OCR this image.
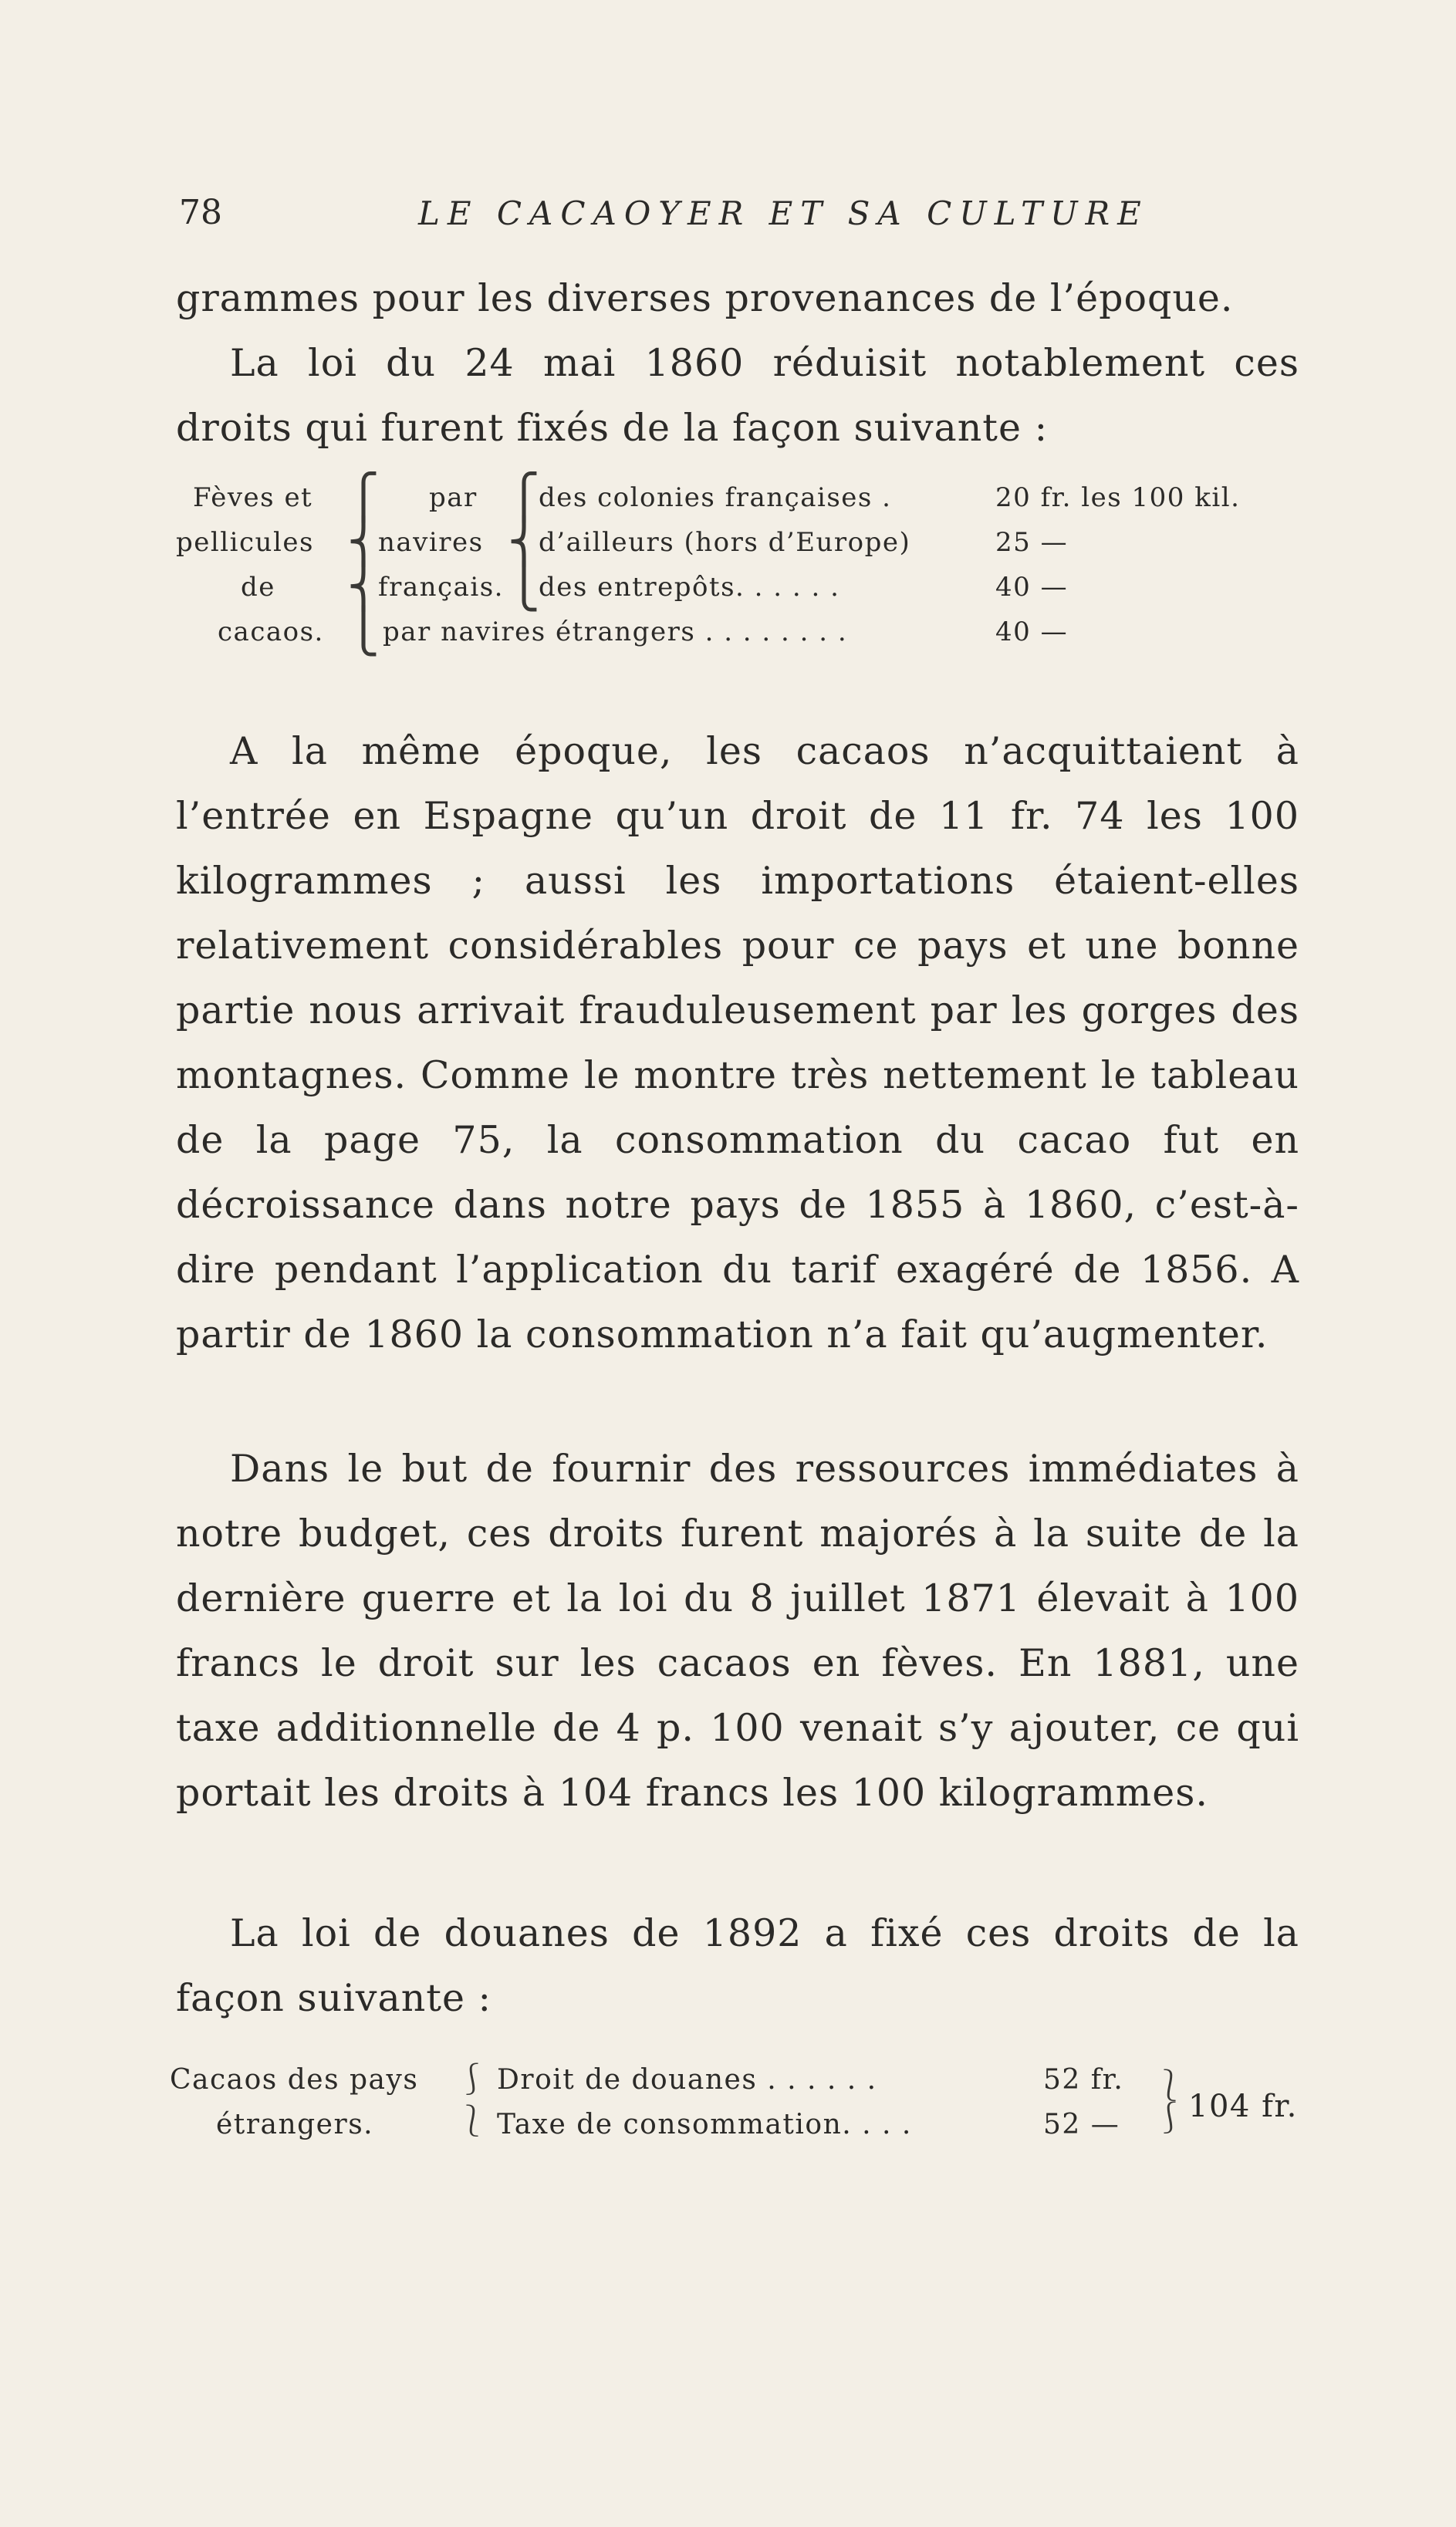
78	LE CACAOYER ET SA CULTURE

grammes pour les diverses provenances de l’époque.

La loi du 24 mai 1860 réduisit notablement ces droits qui furent fixés de la façon suivante :

Fèves et
pellicules
de
cacaos.
⎧
⎨
⎨
⎩
par
navires
français.
⎧
⎨
⎩
des colonies françaises .
d’ailleurs (hors d’Europe)
des entrepôts. . . . . .
par navires étrangers . . . . . . . .
20 fr. les 100 kil.
25 —
40 —
40 —

A la même époque, les cacaos n’acquittaient à l’entrée en Espagne qu’un droit de 11 fr. 74 les 100 kilogrammes ; aussi les importations étaient-elles relativement considérables pour ce pays et une bonne partie nous arrivait frauduleusement par les gorges des montagnes. Comme le montre très nettement le tableau de la page 75, la consommation du cacao fut en décroissance dans notre pays de 1855 à 1860, c’est-à-dire pendant l’application du tarif exagéré de 1856. A partir de 1860 la consommation n’a fait qu’augmenter.

Dans le but de fournir des ressources immédiates à notre budget, ces droits furent majorés à la suite de la dernière guerre et la loi du 8 juillet 1871 élevait à 100 francs le droit sur les cacaos en fèves. En 1881, une taxe additionnelle de 4 p. 100 venait s’y ajouter, ce qui portait les droits à 104 francs les 100 kilogrammes.

La loi de douanes de 1892 a fixé ces droits de la façon suivante :

Cacaos des pays
étrangers.
⎰
⎱
Droit de douanes . . . . . .
Taxe de consommation. . . .
52 fr.
52 —
⎱
⎰ 104 fr.
